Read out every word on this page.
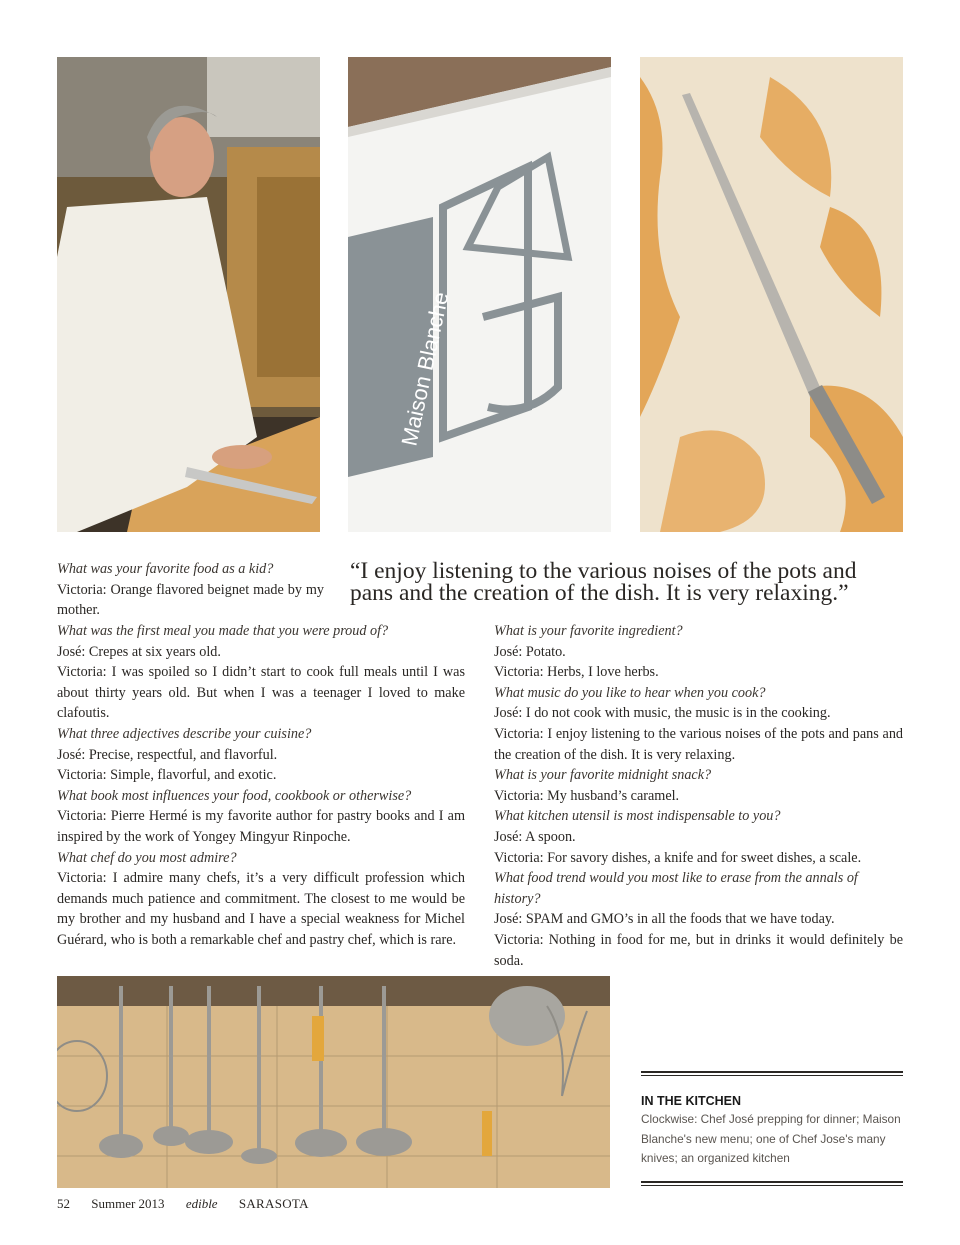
Maison Blanche

What was your favorite food as a kid?

Victoria: Orange flavored beignet made by my mother.

“I enjoy listening to the various noises of the pots and
pans and the creation of the dish. It is very relaxing.”

What was the first meal you made that you were proud of?

José: Crepes at six years old.

Victoria: I was spoiled so I didn’t start to cook full meals until I was about thirty years old. But when I was a teenager I loved to make clafoutis.

What three adjectives describe your cuisine?

José: Precise, respectful, and flavorful.

Victoria: Simple, flavorful, and exotic.

What book most influences your food, cookbook or otherwise?

Victoria: Pierre Hermé is my favorite author for pastry books and I am inspired by the work of Yongey Mingyur Rinpoche.

What chef do you most admire?

Victoria: I admire many chefs, it’s a very difficult profession which demands much patience and commitment. The closest to me would be my brother and my husband and I have a special weakness for Michel Guérard, who is both a remarkable chef and pastry chef, which is rare.

What is your favorite ingredient?

José: Potato.

Victoria: Herbs, I love herbs.

What music do you like to hear when you cook?

José: I do not cook with music, the music is in the cooking.

Victoria: I enjoy listening to the various noises of the pots and pans and the creation of the dish. It is very relaxing.

What is your favorite midnight snack?

Victoria: My husband’s caramel.

What kitchen utensil is most indispensable to you?

José: A spoon.

Victoria: For savory dishes, a knife and for sweet dishes, a scale.

What food trend would you most like to erase from the annals of history?

José: SPAM and GMO’s in all the foods that we have today.

Victoria: Nothing in food for me, but in drinks it would definitely be soda.

IN THE KITCHEN
Clockwise: Chef José prepping for dinner; Maison Blanche's new menu; one of Chef Jose's many knives; an organized kitchen
52 Summer 2013 edible SARASOTA
